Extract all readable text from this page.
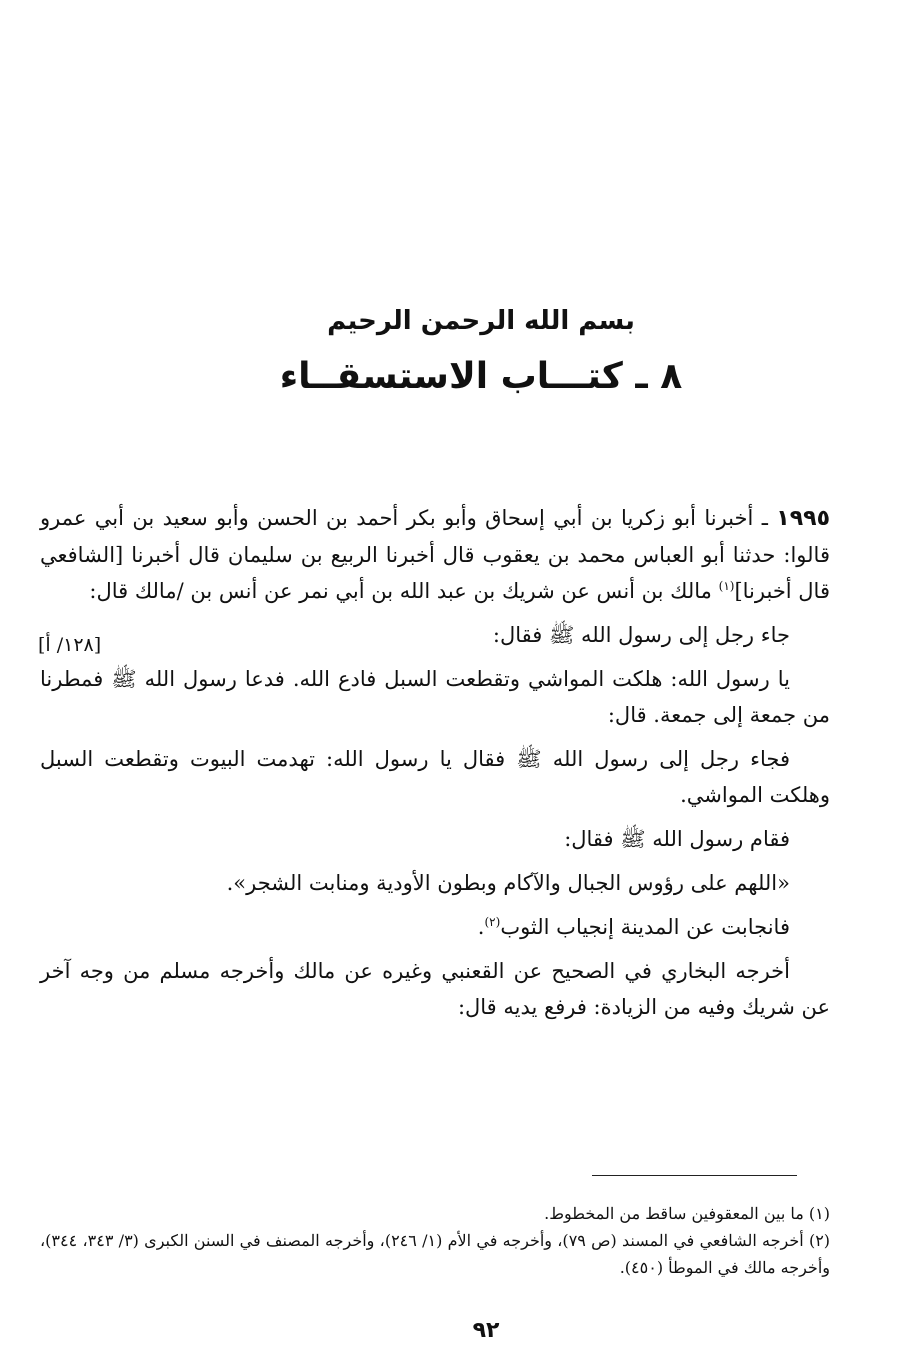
بسم الله الرحمن الرحيم
٨ ـ كتـــاب الاستسقــاء
[١٢٨/ أ]

١٩٩٥ ـ أخبرنا أبو زكريا بن أبي إسحاق وأبو بكر أحمد بن الحسن وأبو سعيد بن أبي عمرو قالوا: حدثنا أبو العباس محمد بن يعقوب قال أخبرنا الربيع بن سليمان قال أخبرنا [الشافعي قال أخبرنا]$^{(١)}$ مالك بن أنس عن شريك بن عبد الله بن أبي نمر عن أنس بن /مالك قال:

جاء رجل إلى رسول الله ﷺ فقال:

يا رسول الله: هلكت المواشي وتقطعت السبل فادع الله. فدعا رسول الله ﷺ فمطرنا من جمعة إلى جمعة. قال:

فجاء رجل إلى رسول الله ﷺ فقال يا رسول الله: تهدمت البيوت وتقطعت السبل وهلكت المواشي.

فقام رسول الله ﷺ فقال:

«اللهم على رؤوس الجبال والآكام وبطون الأودية ومنابت الشجر».

فانجابت عن المدينة إنجياب الثوب$^{(٢)}$.

أخرجه البخاري في الصحيح عن القعنبي وغيره عن مالك وأخرجه مسلم من وجه آخر عن شريك وفيه من الزيادة: فرفع يديه قال:

(١) ما بين المعقوفين ساقط من المخطوط.

(٢) أخرجه الشافعي في المسند (ص ٧٩)، وأخرجه في الأم (١/ ٢٤٦)، وأخرجه المصنف في السنن الكبرى (٣/ ٣٤٣، ٣٤٤)، وأخرجه مالك في الموطأ (٤٥٠).

٩٢
